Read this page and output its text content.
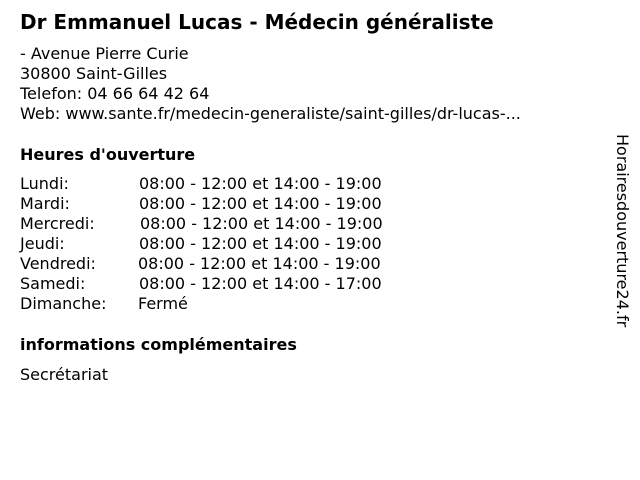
Dr Emmanuel Lucas - Médecin généraliste
- Avenue Pierre Curie
30800 Saint-Gilles
Telefon: 04 66 64 42 64
Web: www.sante.fr/medecin-generaliste/saint-gilles/dr-lucas-...
Heures d'ouverture
Lundi:	08:00 - 12:00 et 14:00 - 19:00
Mardi:	08:00 - 12:00 et 14:00 - 19:00
Mercredi:	08:00 - 12:00 et 14:00 - 19:00
Jeudi:	08:00 - 12:00 et 14:00 - 19:00
Vendredi:	08:00 - 12:00 et 14:00 - 19:00
Samedi:	08:00 - 12:00 et 14:00 - 17:00
Dimanche: Fermé
informations complémentaires
Secrétariat
Horairesdouverture24.fr
